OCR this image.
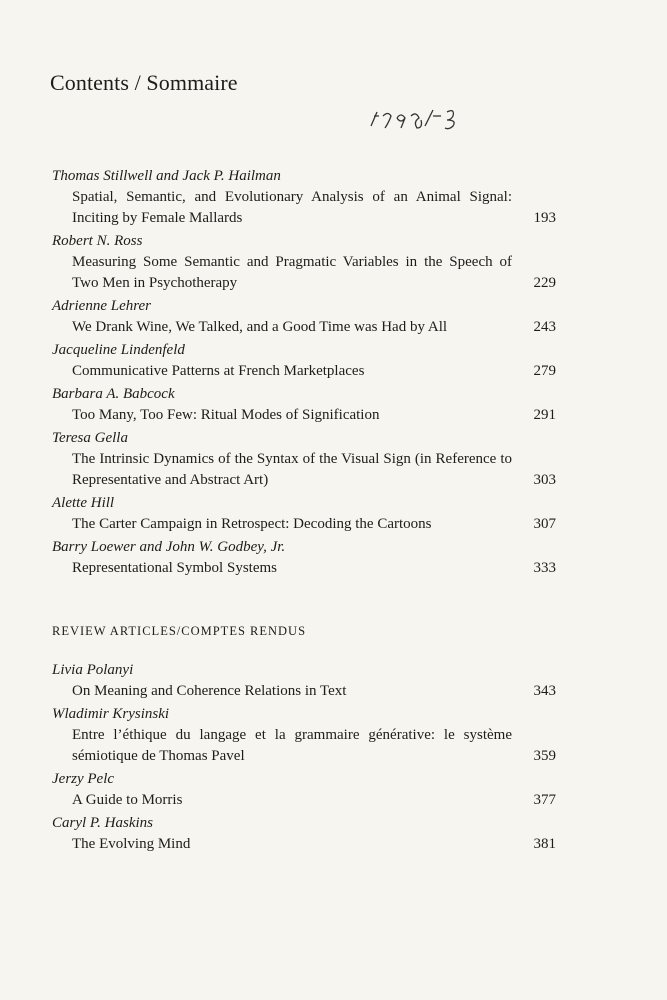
Contents / Sommaire
Thomas Stillwell and Jack P. Hailman
Spatial, Semantic, and Evolutionary Analysis of an Animal Signal: Inciting by Female Mallards	193
Robert N. Ross
Measuring Some Semantic and Pragmatic Variables in the Speech of Two Men in Psychotherapy	229
Adrienne Lehrer
We Drank Wine, We Talked, and a Good Time was Had by All	243
Jacqueline Lindenfeld
Communicative Patterns at French Marketplaces	279
Barbara A. Babcock
Too Many, Too Few: Ritual Modes of Signification	291
Teresa Gella
The Intrinsic Dynamics of the Syntax of the Visual Sign (in Reference to Representative and Abstract Art)	303
Alette Hill
The Carter Campaign in Retrospect: Decoding the Cartoons	307
Barry Loewer and John W. Godbey, Jr.
Representational Symbol Systems	333
REVIEW ARTICLES/COMPTES RENDUS
Livia Polanyi
On Meaning and Coherence Relations in Text	343
Wladimir Krysinski
Entre l’éthique du langage et la grammaire générative: le système sémiotique de Thomas Pavel	359
Jerzy Pelc
A Guide to Morris	377
Caryl P. Haskins
The Evolving Mind	381
